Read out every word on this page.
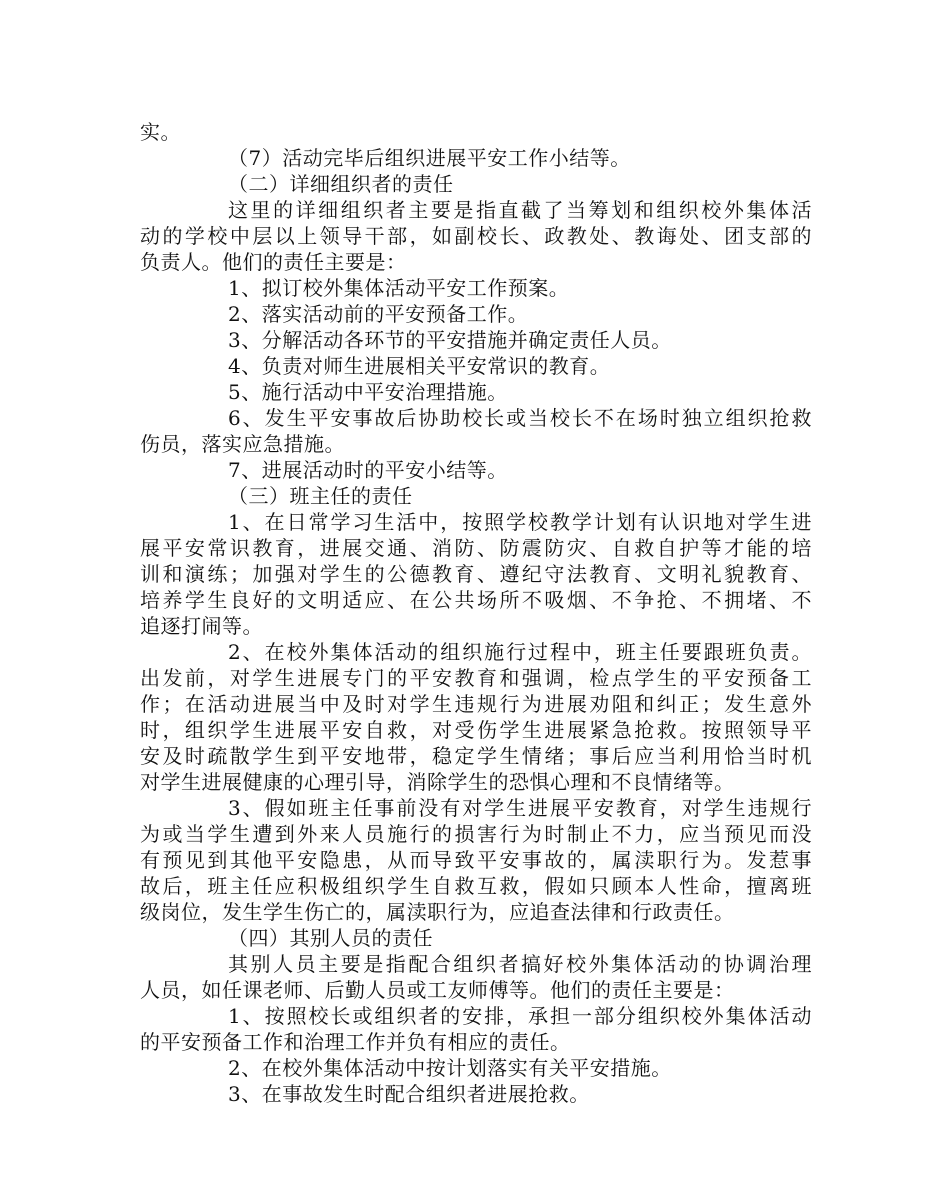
实。
（7）活动完毕后组织进展平安工作小结等。
（二）详细组织者的责任
这里的详细组织者主要是指直截了当筹划和组织校外集体活
动的学校中层以上领导干部，如副校长、政教处、教诲处、团支部的
负责人。他们的责任主要是：
1、拟订校外集体活动平安工作预案。
2、落实活动前的平安预备工作。
3、分解活动各环节的平安措施并确定责任人员。
4、负责对师生进展相关平安常识的教育。
5、施行活动中平安治理措施。
6、发生平安事故后协助校长或当校长不在场时独立组织抢救
伤员，落实应急措施。
7、进展活动时的平安小结等。
（三）班主任的责任
1、在日常学习生活中，按照学校教学计划有认识地对学生进
展平安常识教育，进展交通、消防、防震防灾、自救自护等才能的培
训和演练；加强对学生的公德教育、遵纪守法教育、文明礼貌教育、
培养学生良好的文明适应、在公共场所不吸烟、不争抢、不拥堵、不
追逐打闹等。
2、在校外集体活动的组织施行过程中，班主任要跟班负责。
出发前，对学生进展专门的平安教育和强调，检点学生的平安预备工
作；在活动进展当中及时对学生违规行为进展劝阻和纠正；发生意外
时，组织学生进展平安自救，对受伤学生进展紧急抢救。按照领导平
安及时疏散学生到平安地带，稳定学生情绪；事后应当利用恰当时机
对学生进展健康的心理引导，消除学生的恐惧心理和不良情绪等。
3、假如班主任事前没有对学生进展平安教育，对学生违规行
为或当学生遭到外来人员施行的损害行为时制止不力，应当预见而没
有预见到其他平安隐患，从而导致平安事故的，属渎职行为。发惹事
故后，班主任应积极组织学生自救互救，假如只顾本人性命，擅离班
级岗位，发生学生伤亡的，属渎职行为，应追查法律和行政责任。
（四）其别人员的责任
其别人员主要是指配合组织者搞好校外集体活动的协调治理
人员，如任课老师、后勤人员或工友师傅等。他们的责任主要是：
1、按照校长或组织者的安排，承担一部分组织校外集体活动
的平安预备工作和治理工作并负有相应的责任。
2、在校外集体活动中按计划落实有关平安措施。
3、在事故发生时配合组织者进展抢救。
